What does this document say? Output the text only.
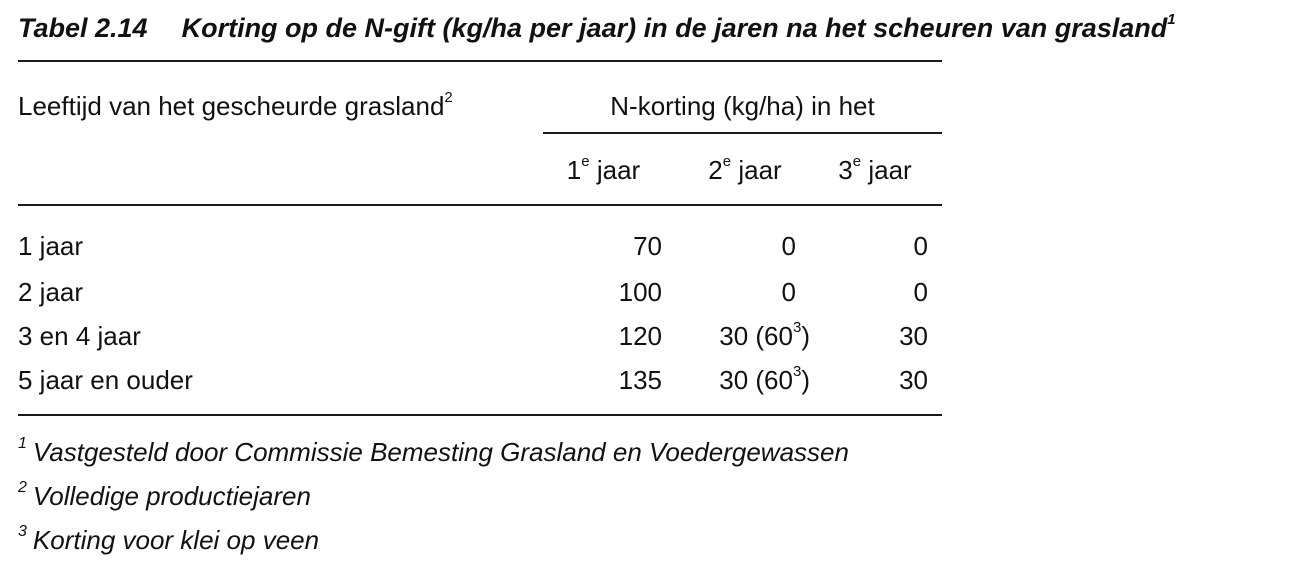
Tabel 2.14 Korting op de N-gift (kg/ha per jaar) in de jaren na het scheuren van grasland$^1$
Leeftijd van het gescheurde grasland$^2$	N-korting (kg/ha) in het
1e jaar	2e jaar	3e jaar
1 jaar	70	0	0
2 jaar	100	0	0
3 en 4 jaar	120	30 $(60^3)$	30
5 jaar en ouder	135	30 $(60^3)$	30
$^1$ Vastgesteld door Commissie Bemesting Grasland en Voedergewassen
$^2$ Volledige productiejaren
$^3$ Korting voor klei op veen
